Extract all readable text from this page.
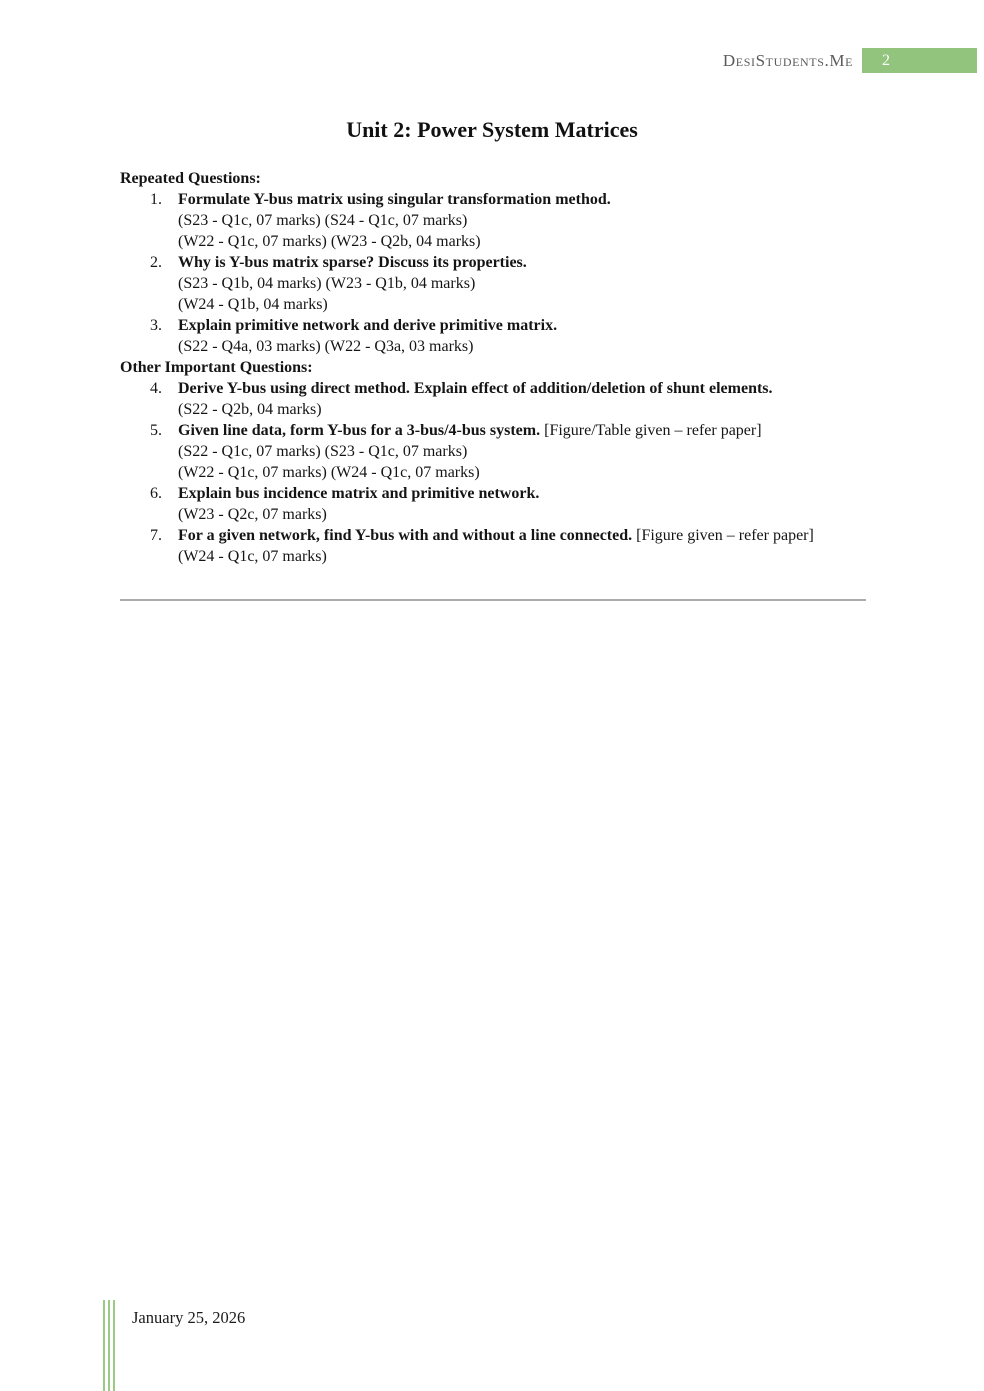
DesiStudents.Me	2
Unit 2: Power System Matrices
Repeated Questions:
1.	Formulate Y-bus matrix using singular transformation method.
(S23 - Q1c, 07 marks) (S24 - Q1c, 07 marks)
(W22 - Q1c, 07 marks) (W23 - Q2b, 04 marks)
2.	Why is Y-bus matrix sparse? Discuss its properties.
(S23 - Q1b, 04 marks) (W23 - Q1b, 04 marks)
(W24 - Q1b, 04 marks)
3.	Explain primitive network and derive primitive matrix.
(S22 - Q4a, 03 marks) (W22 - Q3a, 03 marks)
Other Important Questions:
4.	Derive Y-bus using direct method. Explain effect of addition/deletion of shunt elements.
(S22 - Q2b, 04 marks)
5.	Given line data, form Y-bus for a 3-bus/4-bus system. [Figure/Table given – refer paper]
(S22 - Q1c, 07 marks) (S23 - Q1c, 07 marks)
(W22 - Q1c, 07 marks) (W24 - Q1c, 07 marks)
6.	Explain bus incidence matrix and primitive network.
(W23 - Q2c, 07 marks)
7.	For a given network, find Y-bus with and without a line connected. [Figure given – refer paper]
(W24 - Q1c, 07 marks)
January 25, 2026
